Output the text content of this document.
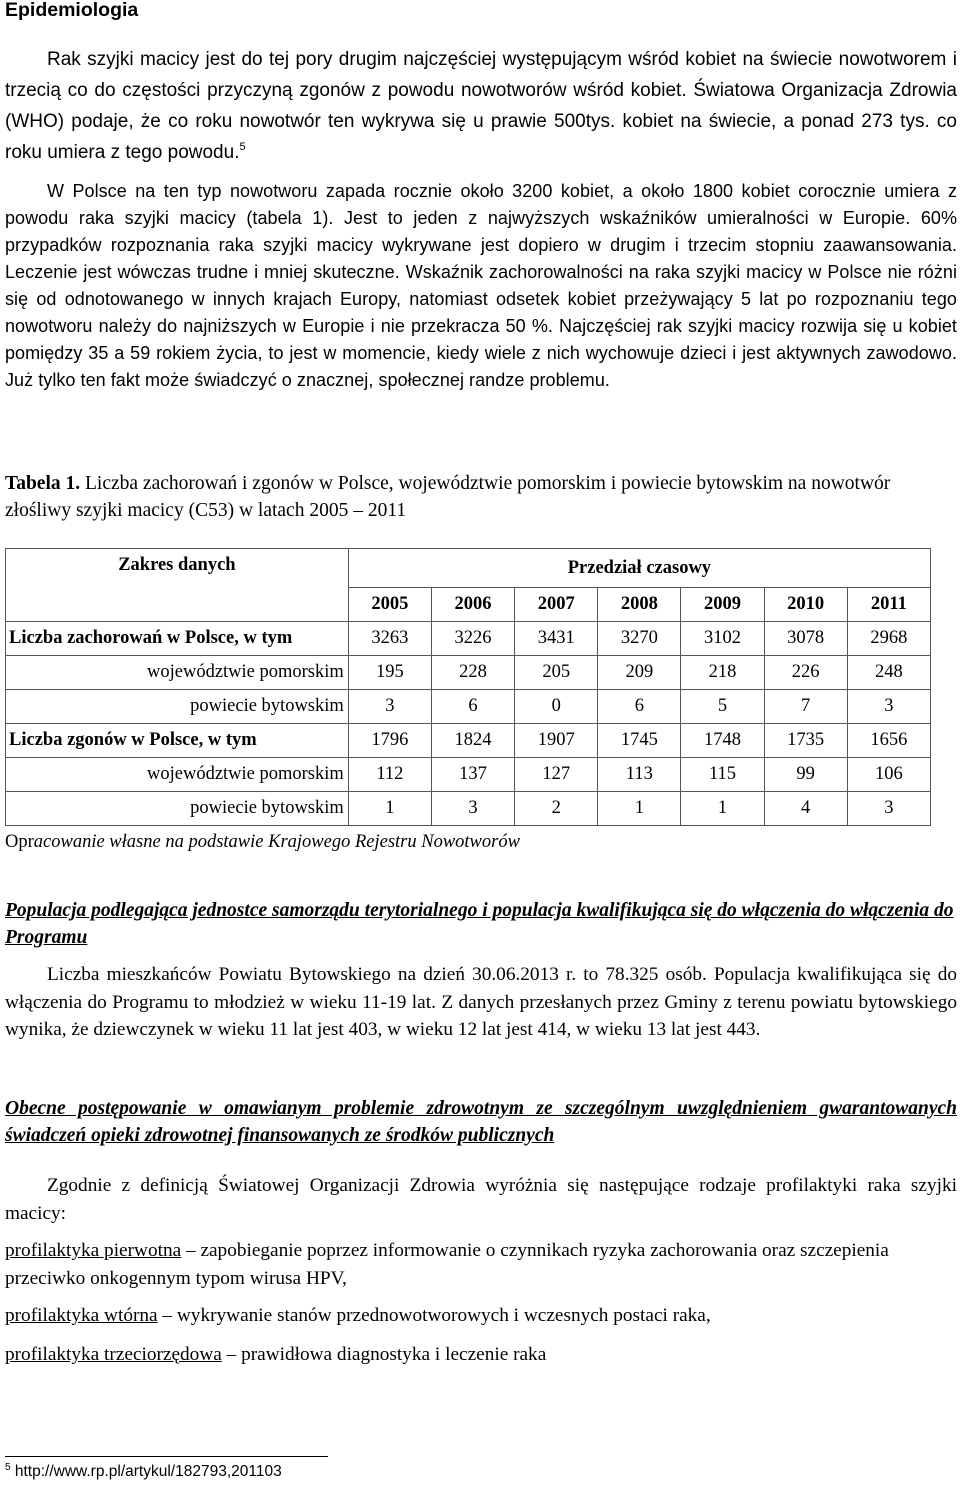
Epidemiologia

Rak szyjki macicy jest do tej pory drugim najczęściej występującym wśród kobiet na świecie nowotworem i trzecią co do częstości przyczyną zgonów z powodu nowotworów wśród kobiet. Światowa Organizacja Zdrowia (WHO) podaje, że co roku nowotwór ten wykrywa się u prawie 500tys. kobiet na świecie, a ponad 273 tys. co roku umiera z tego powodu.$^5$

W Polsce na ten typ nowotworu zapada rocznie około 3200 kobiet, a około 1800 kobiet corocznie umiera z powodu raka szyjki macicy (tabela 1). Jest to jeden z najwyższych wskaźników umieralności w Europie. 60% przypadków rozpoznania raka szyjki macicy wykrywane jest dopiero w drugim i trzecim stopniu zaawansowania. Leczenie jest wówczas trudne i mniej skuteczne. Wskaźnik zachorowalności na raka szyjki macicy w Polsce nie różni się od odnotowanego w innych krajach Europy, natomiast odsetek kobiet przeżywający 5 lat po rozpoznaniu tego nowotworu należy do najniższych w Europie i nie przekracza 50 %. Najczęściej rak szyjki macicy rozwija się u kobiet pomiędzy 35 a 59 rokiem życia, to jest w momencie, kiedy wiele z nich wychowuje dzieci i jest aktywnych zawodowo. Już tylko ten fakt może świadczyć o znacznej, społecznej randze problemu.

Tabela 1. Liczba zachorowań i zgonów w Polsce, województwie pomorskim i powiecie bytowskim na nowotwór złośliwy szyjki macicy (C53) w latach 2005 – 2011

Zakres danych	Przedział czasowy						
	2005	2006	2007	2008	2009	2010	2011
Liczba zachorowań w Polsce, w tym	3263	3226	3431	3270	3102	3078	2968
województwie pomorskim	195	228	205	209	218	226	248
powiecie bytowskim	3	6	0	6	5	7	3
Liczba zgonów w Polsce, w tym	1796	1824	1907	1745	1748	1735	1656
województwie pomorskim	112	137	127	113	115	99	106
powiecie bytowskim	1	3	2	1	1	4	3

Opracowanie własne na podstawie Krajowego Rejestru Nowotworów

Populacja podlegająca jednostce samorządu terytorialnego i populacja kwalifikująca się do włączenia do włączenia do Programu

Liczba mieszkańców Powiatu Bytowskiego na dzień 30.06.2013 r. to 78.325 osób. Populacja kwalifikująca się do włączenia do Programu to młodzież w wieku 11-19 lat. Z danych przesłanych przez Gminy z terenu powiatu bytowskiego wynika, że dziewczynek w wieku 11 lat jest 403, w wieku 12 lat jest 414, w wieku 13 lat jest 443.

Obecne postępowanie w omawianym problemie zdrowotnym ze szczególnym uwzględnieniem gwarantowanych świadczeń opieki zdrowotnej finansowanych ze środków publicznych

Zgodnie z definicją Światowej Organizacji Zdrowia wyróżnia się następujące rodzaje profilaktyki raka szyjki macicy:

profilaktyka pierwotna – zapobieganie poprzez informowanie o czynnikach ryzyka zachorowania oraz szczepienia przeciwko onkogennym typom wirusa HPV,

profilaktyka wtórna – wykrywanie stanów przednowotworowych i wczesnych postaci raka,

profilaktyka trzeciorzędowa – prawidłowa diagnostyka i leczenie raka

$^5$ http://www.rp.pl/artykul/182793,201103
